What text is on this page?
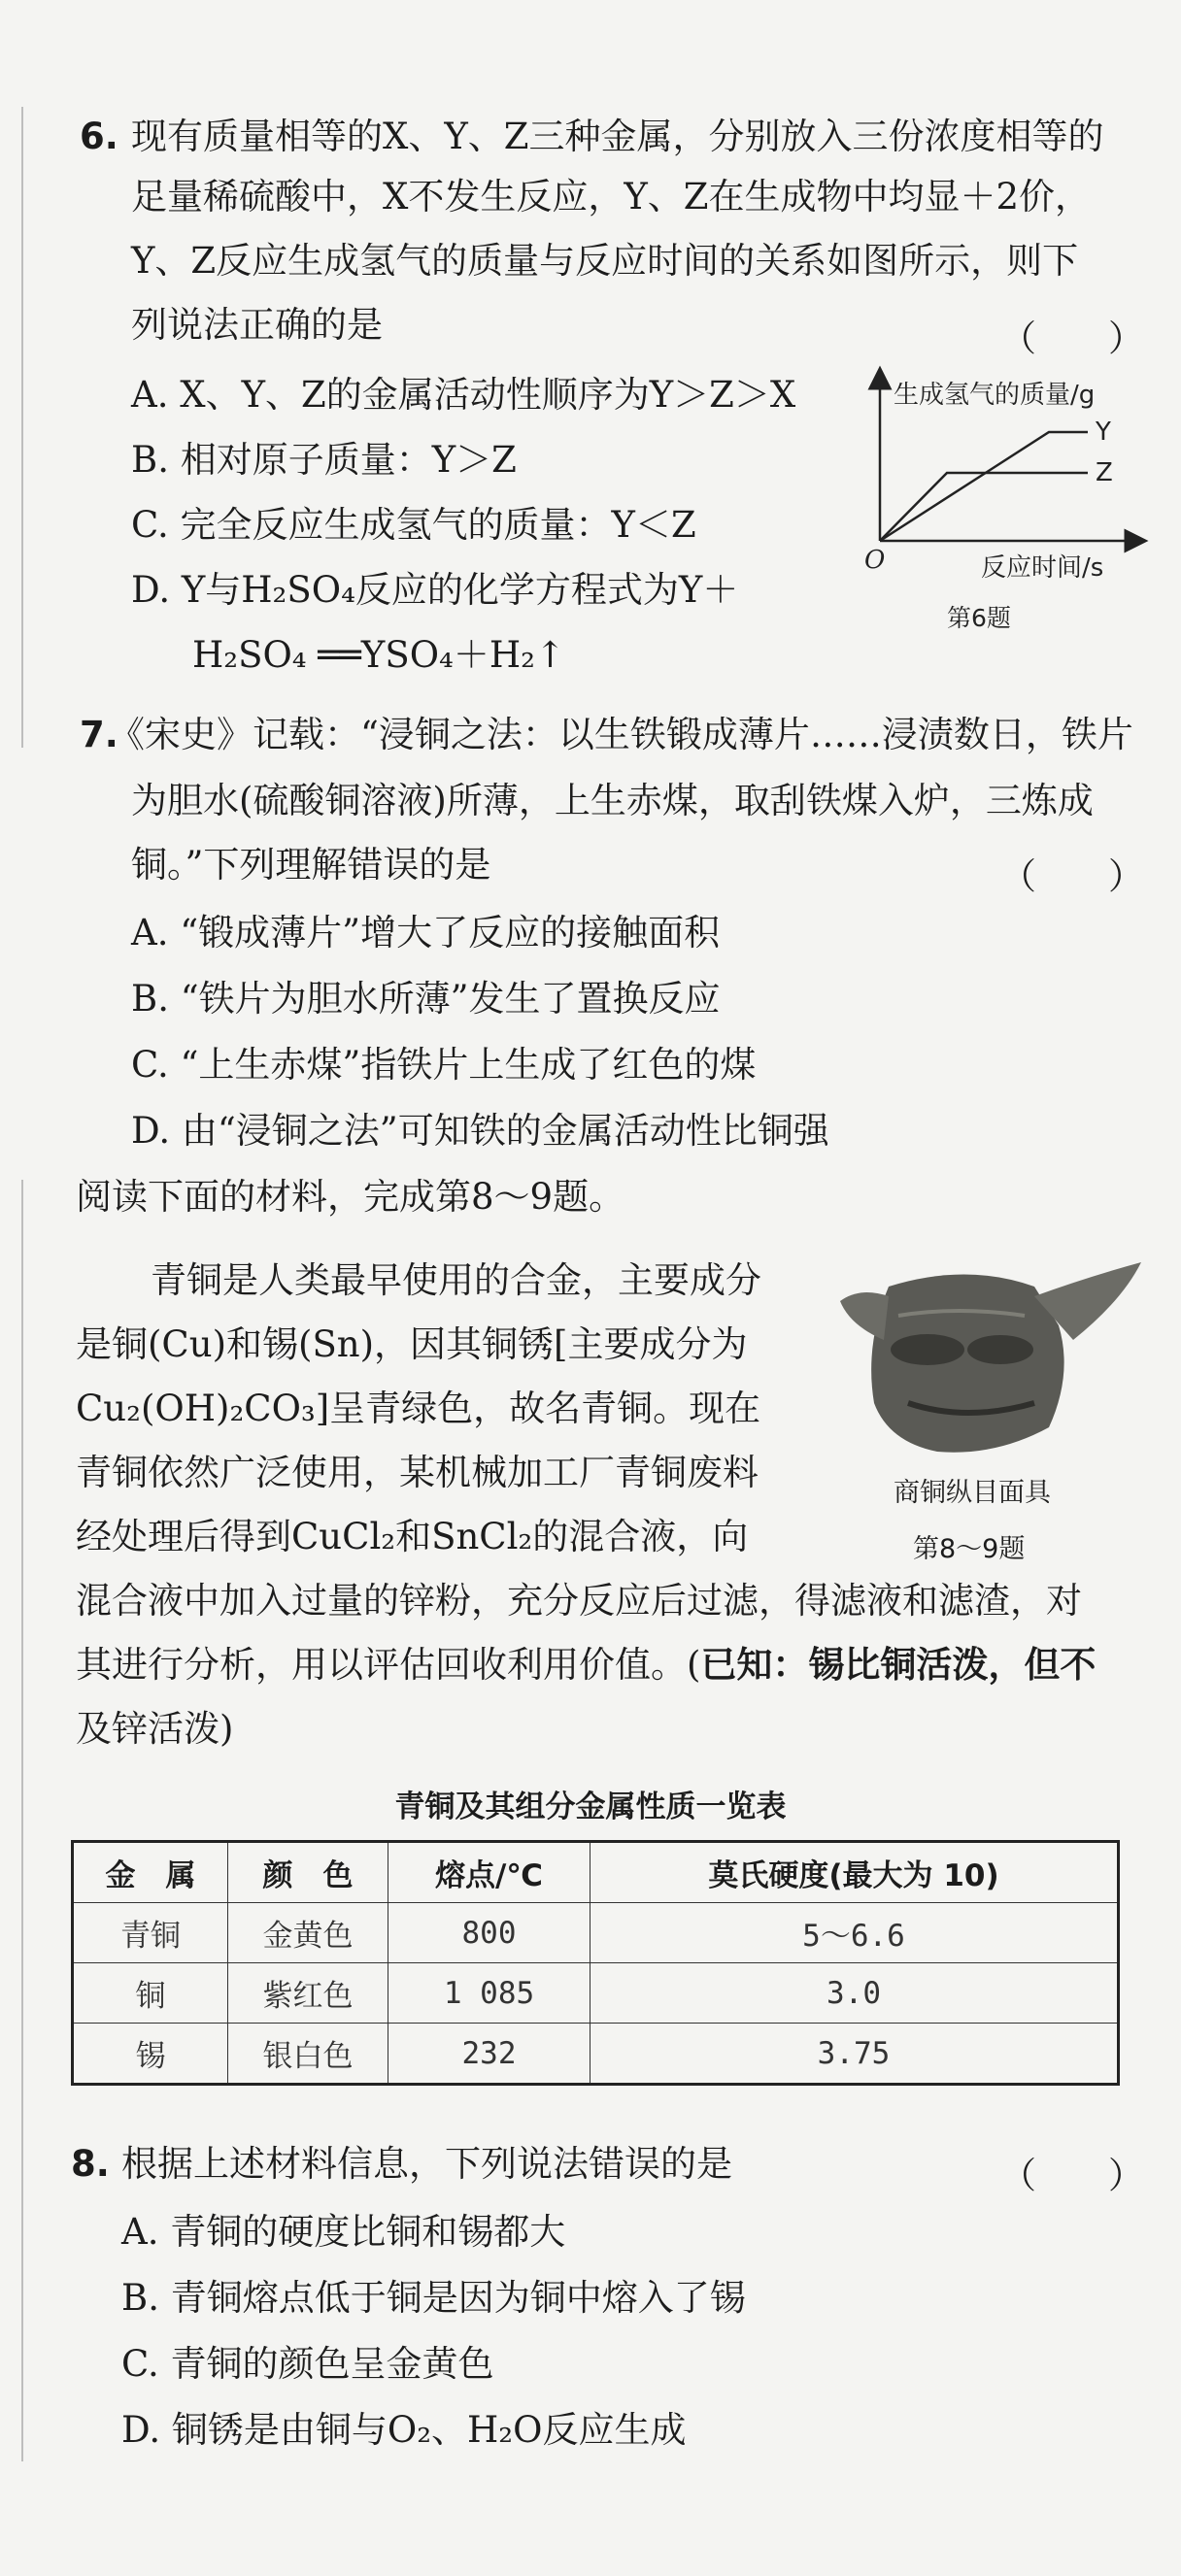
6. 现有质量相等的X、Y、Z三种金属，分别放入三份浓度相等的
足量稀硫酸中，X不发生反应，Y、Z在生成物中均显＋2价，
Y、Z反应生成氢气的质量与反应时间的关系如图所示，则下
列说法正确的是	（　　）
A. X、Y、Z的金属活动性顺序为Y＞Z＞X
B. 相对原子质量：Y＞Z
C. 完全反应生成氢气的质量：Y＜Z
D. Y与H₂SO₄反应的化学方程式为Y＋
H₂SO₄ ══YSO₄＋H₂↑
生成氢气的质量/g
Y
Z
O	反应时间/s
第6题
7.
《宋史》记载：“浸铜之法：以生铁锻成薄片……浸渍数日，铁片
为胆水(硫酸铜溶液)所薄，上生赤煤，取刮铁煤入炉，三炼成
铜。”下列理解错误的是	（　　）
A. “锻成薄片”增大了反应的接触面积
B. “铁片为胆水所薄”发生了置换反应
C. “上生赤煤”指铁片上生成了红色的煤
D. 由“浸铜之法”可知铁的金属活动性比铜强
阅读下面的材料，完成第8～9题。
青铜是人类最早使用的合金，主要成分
是铜(Cu)和锡(Sn)，因其铜锈[主要成分为
Cu₂(OH)₂CO₃]呈青绿色，故名青铜。现在
青铜依然广泛使用，某机械加工厂青铜废料
经处理后得到CuCl₂和SnCl₂的混合液，向
混合液中加入过量的锌粉，充分反应后过滤，得滤液和滤渣，对
其进行分析，用以评估回收利用价值。(已知：锡比铜活泼，但不
及锌活泼)
商铜纵目面具
第8～9题
青铜及其组分金属性质一览表
金　属	颜　色	熔点/℃	莫氏硬度(最大为 10)
青铜	金黄色	800	5～6.6
铜	紫红色	1 085	3.0
锡	银白色	232	3.75
8. 根据上述材料信息，下列说法错误的是	（　　）
A. 青铜的硬度比铜和锡都大
B. 青铜熔点低于铜是因为铜中熔入了锡
C. 青铜的颜色呈金黄色
D. 铜锈是由铜与O₂、H₂O反应生成
